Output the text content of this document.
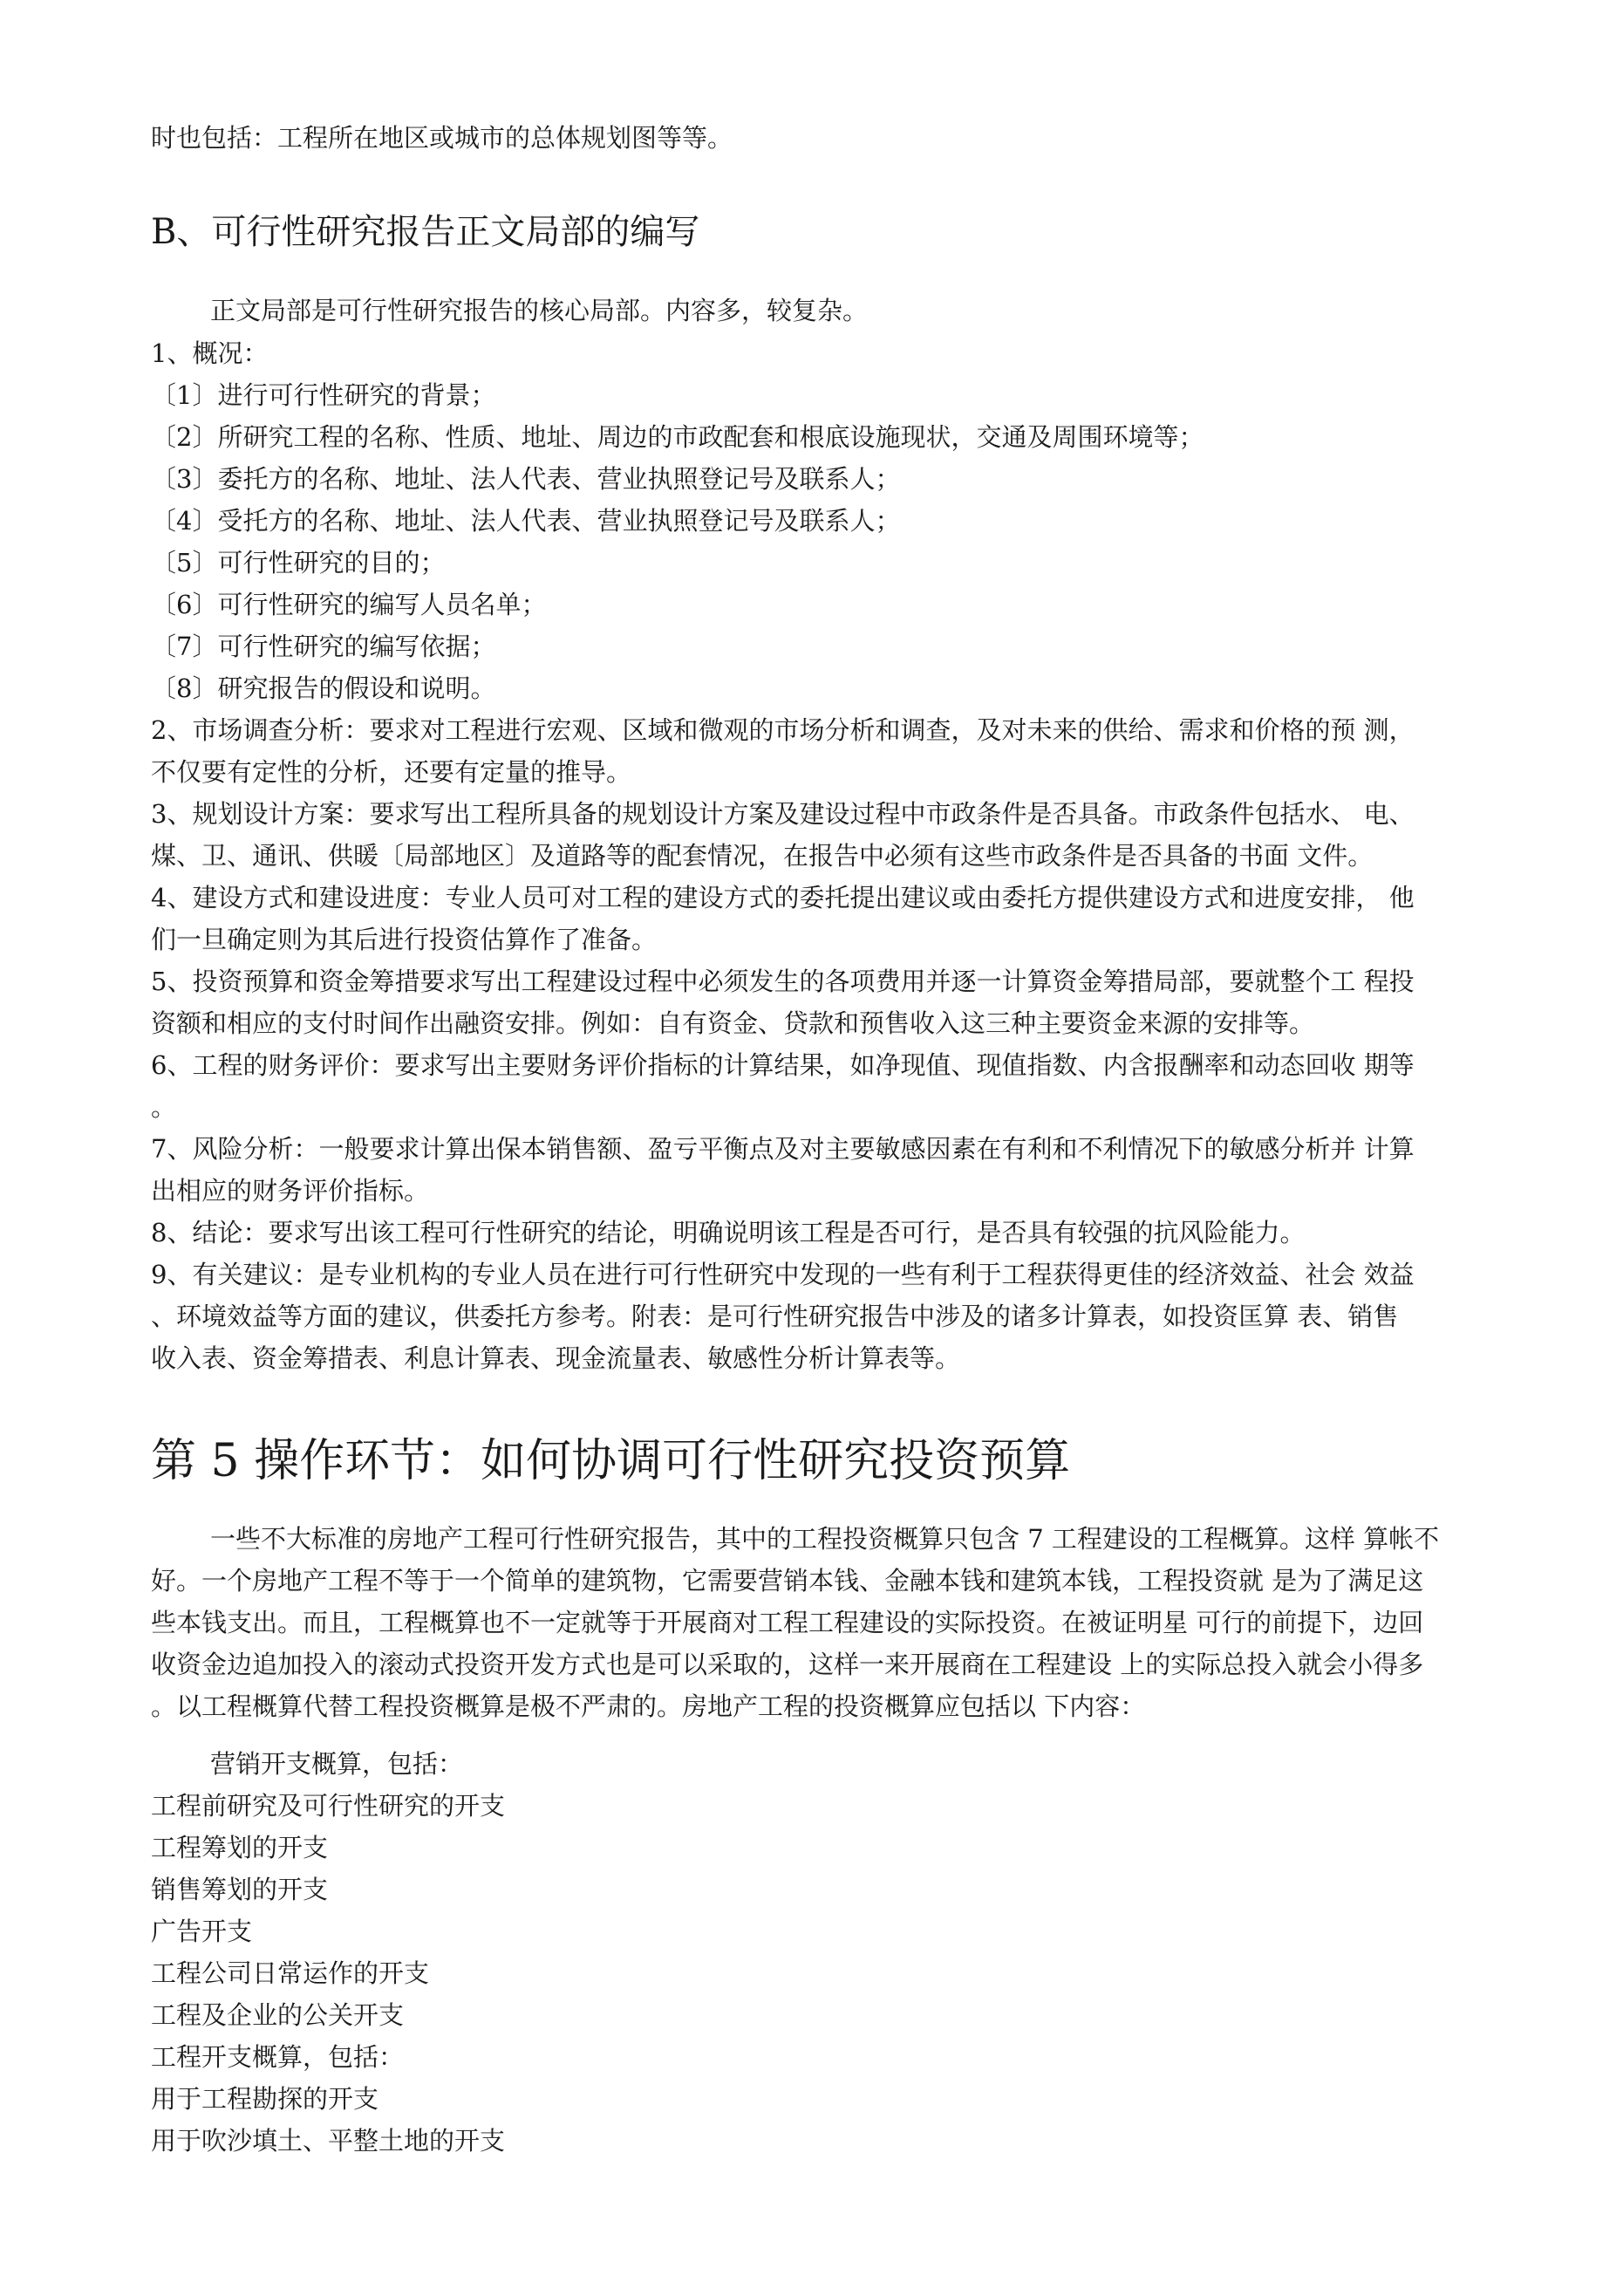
时也包括：工程所在地区或城市的总体规划图等等。
B、可行性研究报告正文局部的编写
正文局部是可行性研究报告的核心局部。内容多，较复杂。
1、概况：
〔1〕进行可行性研究的背景；
〔2〕所研究工程的名称、性质、地址、周边的市政配套和根底设施现状，交通及周围环境等；
〔3〕委托方的名称、地址、法人代表、营业执照登记号及联系人；
〔4〕受托方的名称、地址、法人代表、营业执照登记号及联系人；
〔5〕可行性研究的目的；
〔6〕可行性研究的编写人员名单；
〔7〕可行性研究的编写依据；
〔8〕研究报告的假设和说明。
2、市场调查分析：要求对工程进行宏观、区域和微观的市场分析和调查，及对未来的供给、需求和价格的预 测，
不仅要有定性的分析，还要有定量的推导。
3、规划设计方案：要求写出工程所具备的规划设计方案及建设过程中市政条件是否具备。市政条件包括水、 电、
煤、卫、通讯、供暖〔局部地区〕及道路等的配套情况，在报告中必须有这些市政条件是否具备的书面 文件。
4、建设方式和建设进度：专业人员可对工程的建设方式的委托提出建议或由委托方提供建设方式和进度安排， 他
们一旦确定则为其后进行投资估算作了准备。
5、投资预算和资金筹措要求写出工程建设过程中必须发生的各项费用并逐一计算资金筹措局部，要就整个工 程投
资额和相应的支付时间作出融资安排。例如：自有资金、贷款和预售收入这三种主要资金来源的安排等。
6、工程的财务评价：要求写出主要财务评价指标的计算结果，如净现值、现值指数、内含报酬率和动态回收 期等
。
7、风险分析：一般要求计算出保本销售额、盈亏平衡点及对主要敏感因素在有利和不利情况下的敏感分析并 计算
出相应的财务评价指标。
8、结论：要求写出该工程可行性研究的结论，明确说明该工程是否可行，是否具有较强的抗风险能力。
9、有关建议：是专业机构的专业人员在进行可行性研究中发现的一些有利于工程获得更佳的经济效益、社会 效益
、环境效益等方面的建议，供委托方参考。附表：是可行性研究报告中涉及的诸多计算表，如投资匡算 表、销售
收入表、资金筹措表、利息计算表、现金流量表、敏感性分析计算表等。
第 5 操作环节：如何协调可行性研究投资预算
一些不大标准的房地产工程可行性研究报告，其中的工程投资概算只包含 7 工程建设的工程概算。这样 算帐不
好。一个房地产工程不等于一个简单的建筑物，它需要营销本钱、金融本钱和建筑本钱，工程投资就 是为了满足这
些本钱支出。而且，工程概算也不一定就等于开展商对工程工程建设的实际投资。在被证明星 可行的前提下，边回
收资金边追加投入的滚动式投资开发方式也是可以采取的，这样一来开展商在工程建设 上的实际总投入就会小得多
。以工程概算代替工程投资概算是极不严肃的。房地产工程的投资概算应包括以 下内容：
营销开支概算，包括：
工程前研究及可行性研究的开支
工程筹划的开支
销售筹划的开支
广告开支
工程公司日常运作的开支
工程及企业的公关开支
工程开支概算，包括：
用于工程勘探的开支
用于吹沙填土、平整土地的开支
